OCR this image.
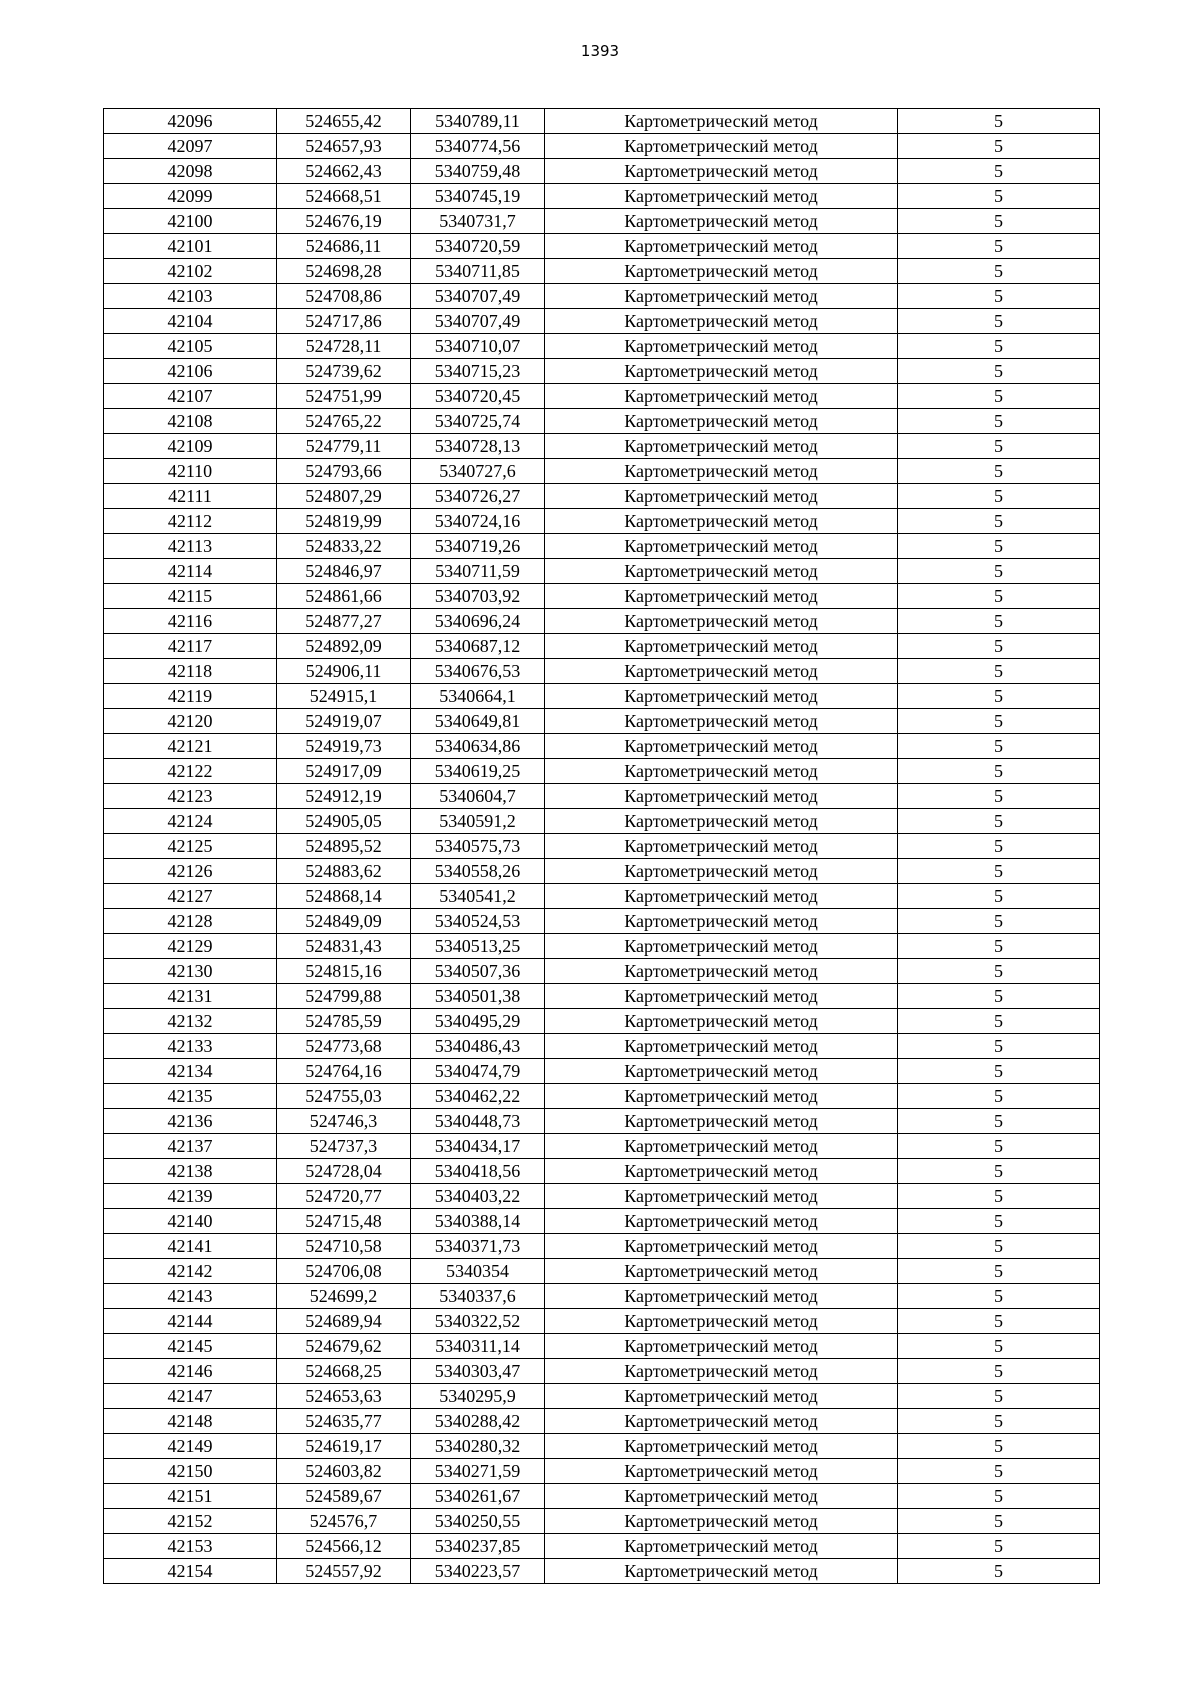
1393
42096	524655,42	5340789,11	Картометрический метод	5
42097	524657,93	5340774,56	Картометрический метод	5
42098	524662,43	5340759,48	Картометрический метод	5
42099	524668,51	5340745,19	Картометрический метод	5
42100	524676,19	5340731,7	Картометрический метод	5
42101	524686,11	5340720,59	Картометрический метод	5
42102	524698,28	5340711,85	Картометрический метод	5
42103	524708,86	5340707,49	Картометрический метод	5
42104	524717,86	5340707,49	Картометрический метод	5
42105	524728,11	5340710,07	Картометрический метод	5
42106	524739,62	5340715,23	Картометрический метод	5
42107	524751,99	5340720,45	Картометрический метод	5
42108	524765,22	5340725,74	Картометрический метод	5
42109	524779,11	5340728,13	Картометрический метод	5
42110	524793,66	5340727,6	Картометрический метод	5
42111	524807,29	5340726,27	Картометрический метод	5
42112	524819,99	5340724,16	Картометрический метод	5
42113	524833,22	5340719,26	Картометрический метод	5
42114	524846,97	5340711,59	Картометрический метод	5
42115	524861,66	5340703,92	Картометрический метод	5
42116	524877,27	5340696,24	Картометрический метод	5
42117	524892,09	5340687,12	Картометрический метод	5
42118	524906,11	5340676,53	Картометрический метод	5
42119	524915,1	5340664,1	Картометрический метод	5
42120	524919,07	5340649,81	Картометрический метод	5
42121	524919,73	5340634,86	Картометрический метод	5
42122	524917,09	5340619,25	Картометрический метод	5
42123	524912,19	5340604,7	Картометрический метод	5
42124	524905,05	5340591,2	Картометрический метод	5
42125	524895,52	5340575,73	Картометрический метод	5
42126	524883,62	5340558,26	Картометрический метод	5
42127	524868,14	5340541,2	Картометрический метод	5
42128	524849,09	5340524,53	Картометрический метод	5
42129	524831,43	5340513,25	Картометрический метод	5
42130	524815,16	5340507,36	Картометрический метод	5
42131	524799,88	5340501,38	Картометрический метод	5
42132	524785,59	5340495,29	Картометрический метод	5
42133	524773,68	5340486,43	Картометрический метод	5
42134	524764,16	5340474,79	Картометрический метод	5
42135	524755,03	5340462,22	Картометрический метод	5
42136	524746,3	5340448,73	Картометрический метод	5
42137	524737,3	5340434,17	Картометрический метод	5
42138	524728,04	5340418,56	Картометрический метод	5
42139	524720,77	5340403,22	Картометрический метод	5
42140	524715,48	5340388,14	Картометрический метод	5
42141	524710,58	5340371,73	Картометрический метод	5
42142	524706,08	5340354	Картометрический метод	5
42143	524699,2	5340337,6	Картометрический метод	5
42144	524689,94	5340322,52	Картометрический метод	5
42145	524679,62	5340311,14	Картометрический метод	5
42146	524668,25	5340303,47	Картометрический метод	5
42147	524653,63	5340295,9	Картометрический метод	5
42148	524635,77	5340288,42	Картометрический метод	5
42149	524619,17	5340280,32	Картометрический метод	5
42150	524603,82	5340271,59	Картометрический метод	5
42151	524589,67	5340261,67	Картометрический метод	5
42152	524576,7	5340250,55	Картометрический метод	5
42153	524566,12	5340237,85	Картометрический метод	5
42154	524557,92	5340223,57	Картометрический метод	5
